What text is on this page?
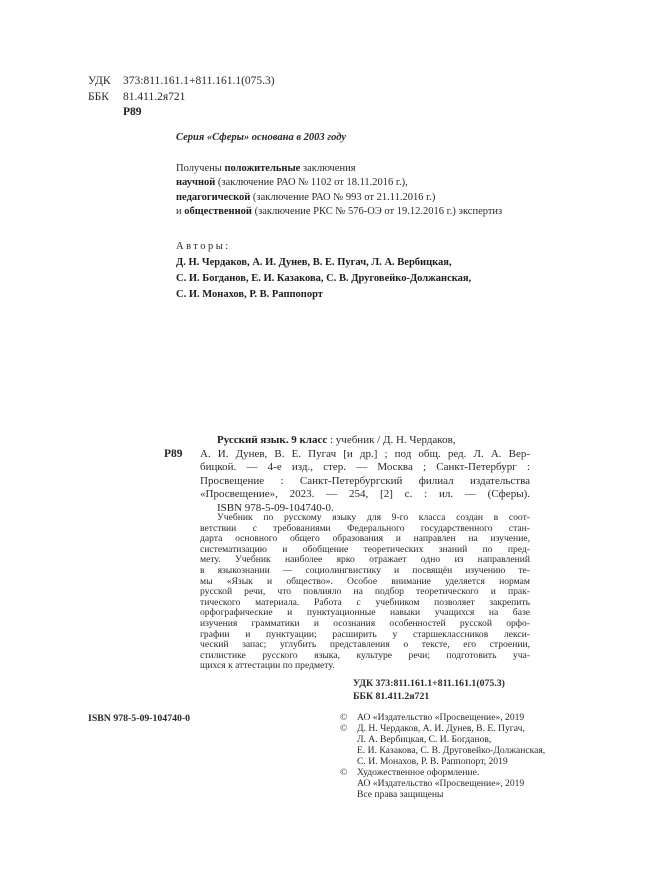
УДК 373:811.161.1+811.161.1(075.3)
ББК 81.411.2я721
Р89
Серия «Сферы» основана в 2003 году
Получены положительные заключения
научной (заключение РАО № 1102 от 18.11.2016 г.),
педагогической (заключение РАО № 993 от 21.11.2016 г.)
и общественной (заключение РКС № 576-ОЭ от 19.12.2016 г.) экспертиз
Авторы:
Д. Н. Чердаков, А. И. Дунев, В. Е. Пугач, Л. А. Вербицкая,
С. И. Богданов, Е. И. Казакова, С. В. Друговейко-Должанская,
С. И. Монахов, Р. В. Раппопорт
Р89
Русский язык. 9 класс : учебник / Д. Н. Чердаков,
А. И. Дунев, В. Е. Пугач [и др.] ; под общ. ред. Л. А. Вер-
бицкой. — 4-е изд., стер. — Москва ; Санкт-Петербург :
Просвещение : Санкт-Петербургский филиал издательства
«Просвещение», 2023. — 254, [2] с. : ил. — (Сферы).
ISBN 978-5-09-104740-0.
Учебник по русскому языку для 9-го класса создан в соот-
ветствии с требованиями Федерального государственного стан-
дарта основного общего образования и направлен на изучение,
систематизацию и обобщение теоретических знаний по пред-
мету. Учебник наиболее ярко отражает одно из направлений
в языкознании — социолингвистику и посвящён изучению те-
мы «Язык и общество». Особое внимание уделяется нормам
русской речи, что повлияло на подбор теоретического и прак-
тического материала. Работа с учебником позволяет закрепить
орфографические и пунктуационные навыки учащихся на базе
изучения грамматики и осознания особенностей русской орфо-
графии и пунктуации; расширить у старшеклассников лекси-
ческий запас; углубить представления о тексте, его строении,
стилистике русского языка, культуре речи; подготовить уча-
щихся к аттестации по предмету.
УДК 373:811.161.1+811.161.1(075.3)
ББК 81.411.2я721
ISBN 978-5-09-104740-0	© АО «Издательство «Просвещение», 2019
© Д. Н. Чердаков, А. И. Дунев, В. Е. Пугач,
Л. А. Вербицкая, С. И. Богданов,
Е. И. Казакова, С. В. Друговейко-Должанская,
С. И. Монахов, Р. В. Раппопорт, 2019
© Художественное оформление.
АО «Издательство «Просвещение», 2019
Все права защищены
